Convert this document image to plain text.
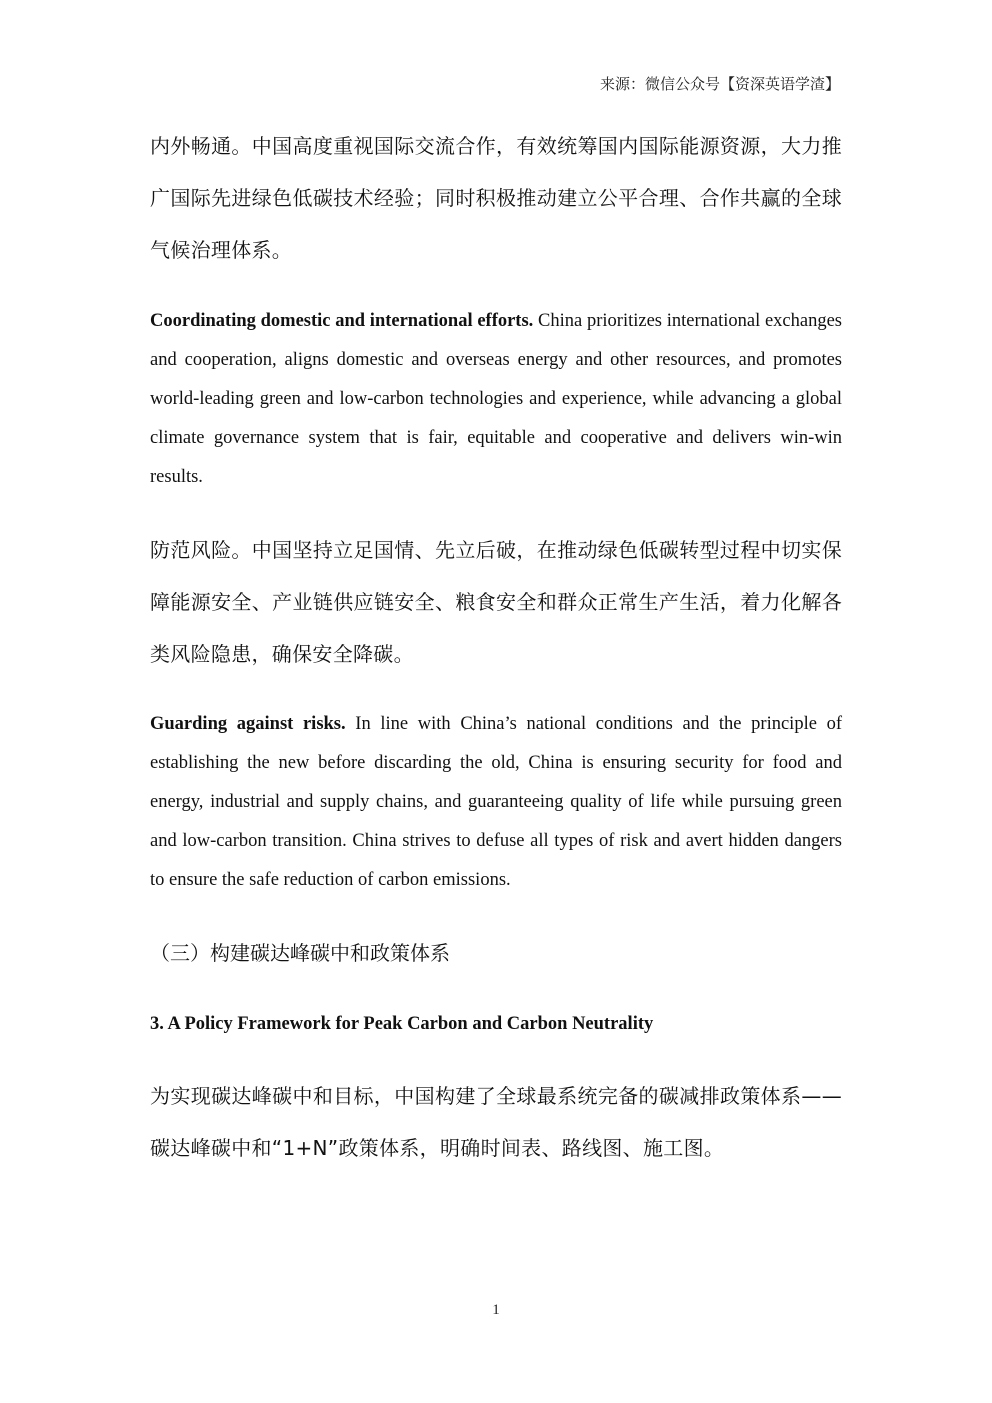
来源：微信公众号【资深英语学渣】

内外畅通。中国高度重视国际交流合作，有效统筹国内国际能源资源，大力推广国际先进绿色低碳技术经验；同时积极推动建立公平合理、合作共赢的全球气候治理体系。

Coordinating domestic and international efforts. China prioritizes international exchanges and cooperation, aligns domestic and overseas energy and other resources, and promotes world-leading green and low-carbon technologies and experience, while advancing a global climate governance system that is fair, equitable and cooperative and delivers win-win results.

防范风险。中国坚持立足国情、先立后破，在推动绿色低碳转型过程中切实保障能源安全、产业链供应链安全、粮食安全和群众正常生产生活，着力化解各类风险隐患，确保安全降碳。

Guarding against risks. In line with China’s national conditions and the principle of establishing the new before discarding the old, China is ensuring security for food and energy, industrial and supply chains, and guaranteeing quality of life while pursuing green and low-carbon transition. China strives to defuse all types of risk and avert hidden dangers to ensure the safe reduction of carbon emissions.

（三）构建碳达峰碳中和政策体系
3. A Policy Framework for Peak Carbon and Carbon Neutrality

为实现碳达峰碳中和目标，中国构建了全球最系统完备的碳减排政策体系——碳达峰碳中和“1+N”政策体系，明确时间表、路线图、施工图。

1
